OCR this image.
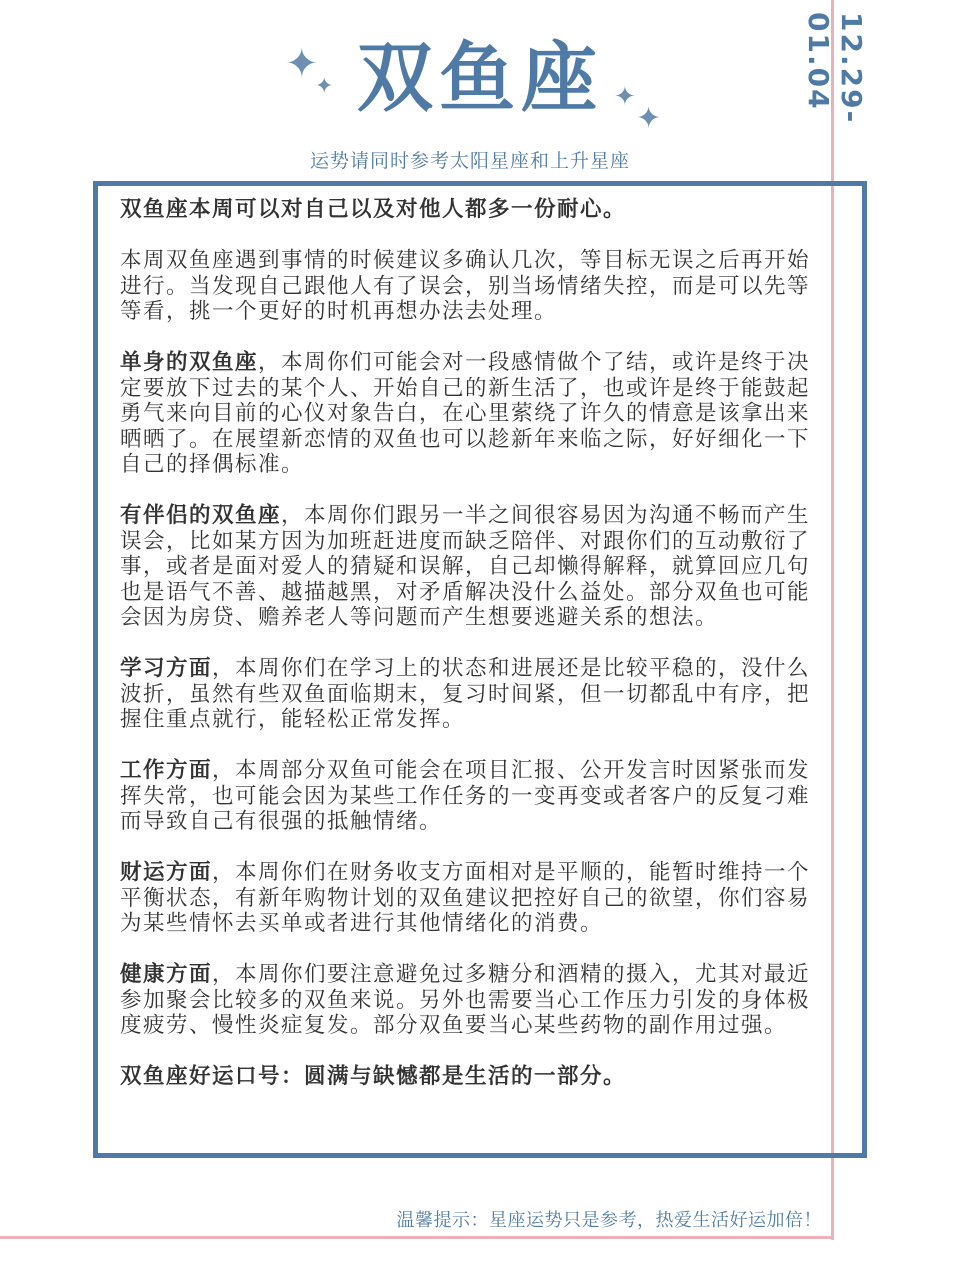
12.29-01.04
✦
✦	✦
✦
双鱼座
运势请同时参考太阳星座和上升星座

双鱼座本周可以对自己以及对他人都多一份耐心。

本周双鱼座遇到事情的时候建议多确认几次，等目标无误之后再开始进行。当发现自己跟他人有了误会，别当场情绪失控，而是可以先等等看，挑一个更好的时机再想办法去处理。

单身的双鱼座，本周你们可能会对一段感情做个了结，或许是终于决定要放下过去的某个人、开始自己的新生活了，也或许是终于能鼓起勇气来向目前的心仪对象告白，在心里萦绕了许久的情意是该拿出来晒晒了。在展望新恋情的双鱼也可以趁新年来临之际，好好细化一下自己的择偶标准。

有伴侣的双鱼座，本周你们跟另一半之间很容易因为沟通不畅而产生误会，比如某方因为加班赶进度而缺乏陪伴、对跟你们的互动敷衍了事，或者是面对爱人的猜疑和误解，自己却懒得解释，就算回应几句也是语气不善、越描越黑，对矛盾解决没什么益处。部分双鱼也可能会因为房贷、赡养老人等问题而产生想要逃避关系的想法。

学习方面，本周你们在学习上的状态和进展还是比较平稳的，没什么波折，虽然有些双鱼面临期末，复习时间紧，但一切都乱中有序，把握住重点就行，能轻松正常发挥。

工作方面，本周部分双鱼可能会在项目汇报、公开发言时因紧张而发挥失常，也可能会因为某些工作任务的一变再变或者客户的反复刁难而导致自己有很强的抵触情绪。

财运方面，本周你们在财务收支方面相对是平顺的，能暂时维持一个平衡状态，有新年购物计划的双鱼建议把控好自己的欲望，你们容易为某些情怀去买单或者进行其他情绪化的消费。

健康方面，本周你们要注意避免过多糖分和酒精的摄入，尤其对最近参加聚会比较多的双鱼来说。另外也需要当心工作压力引发的身体极度疲劳、慢性炎症复发。部分双鱼要当心某些药物的副作用过强。

双鱼座好运口号：圆满与缺憾都是生活的一部分。

温馨提示：星座运势只是参考，热爱生活好运加倍！
